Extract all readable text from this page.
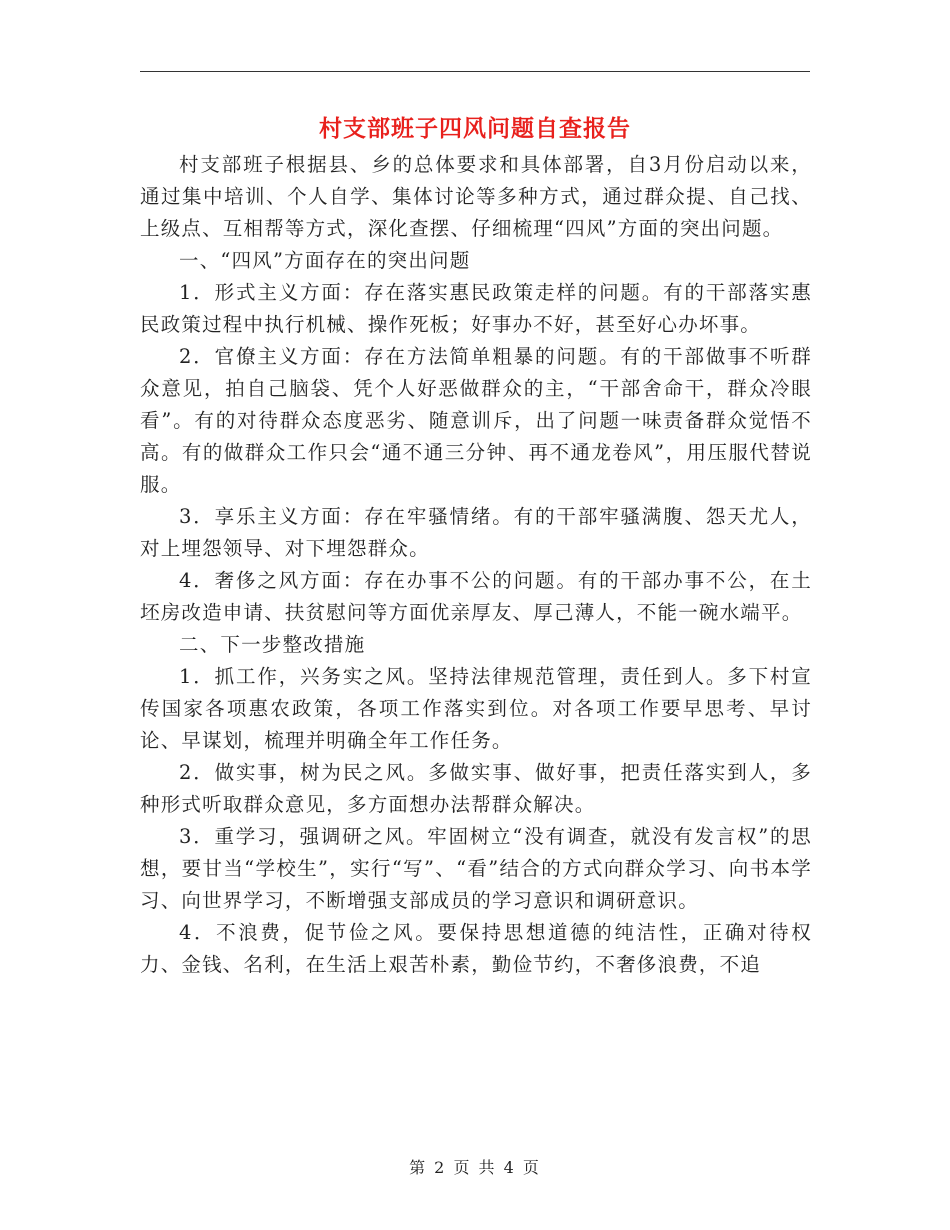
村支部班子四风问题自查报告

村支部班子根据县、乡的总体要求和具体部署，自3月份启动以来，通过集中培训、个人自学、集体讨论等多种方式，通过群众提、自己找、上级点、互相帮等方式，深化查摆、仔细梳理“四风”方面的突出问题。

一、“四风”方面存在的突出问题

1．形式主义方面：存在落实惠民政策走样的问题。有的干部落实惠民政策过程中执行机械、操作死板；好事办不好，甚至好心办坏事。

2．官僚主义方面：存在方法简单粗暴的问题。有的干部做事不听群众意见，拍自己脑袋、凭个人好恶做群众的主，“干部舍命干，群众冷眼看”。有的对待群众态度恶劣、随意训斥，出了问题一味责备群众觉悟不高。有的做群众工作只会“通不通三分钟、再不通龙卷风”，用压服代替说服。

3．享乐主义方面：存在牢骚情绪。有的干部牢骚满腹、怨天尤人，对上埋怨领导、对下埋怨群众。

4．奢侈之风方面：存在办事不公的问题。有的干部办事不公，在土坯房改造申请、扶贫慰问等方面优亲厚友、厚己薄人，不能一碗水端平。

二、下一步整改措施

1．抓工作，兴务实之风。坚持法律规范管理，责任到人。多下村宣传国家各项惠农政策，各项工作落实到位。对各项工作要早思考、早讨论、早谋划，梳理并明确全年工作任务。

2．做实事，树为民之风。多做实事、做好事，把责任落实到人，多种形式听取群众意见，多方面想办法帮群众解决。

3．重学习，强调研之风。牢固树立“没有调查，就没有发言权”的思想，要甘当“学校生”，实行“写”、“看”结合的方式向群众学习、向书本学习、向世界学习，不断增强支部成员的学习意识和调研意识。

4．不浪费，促节俭之风。要保持思想道德的纯洁性，正确对待权力、金钱、名利，在生活上艰苦朴素，勤俭节约，不奢侈浪费，不追

第 2 页 共 4 页
